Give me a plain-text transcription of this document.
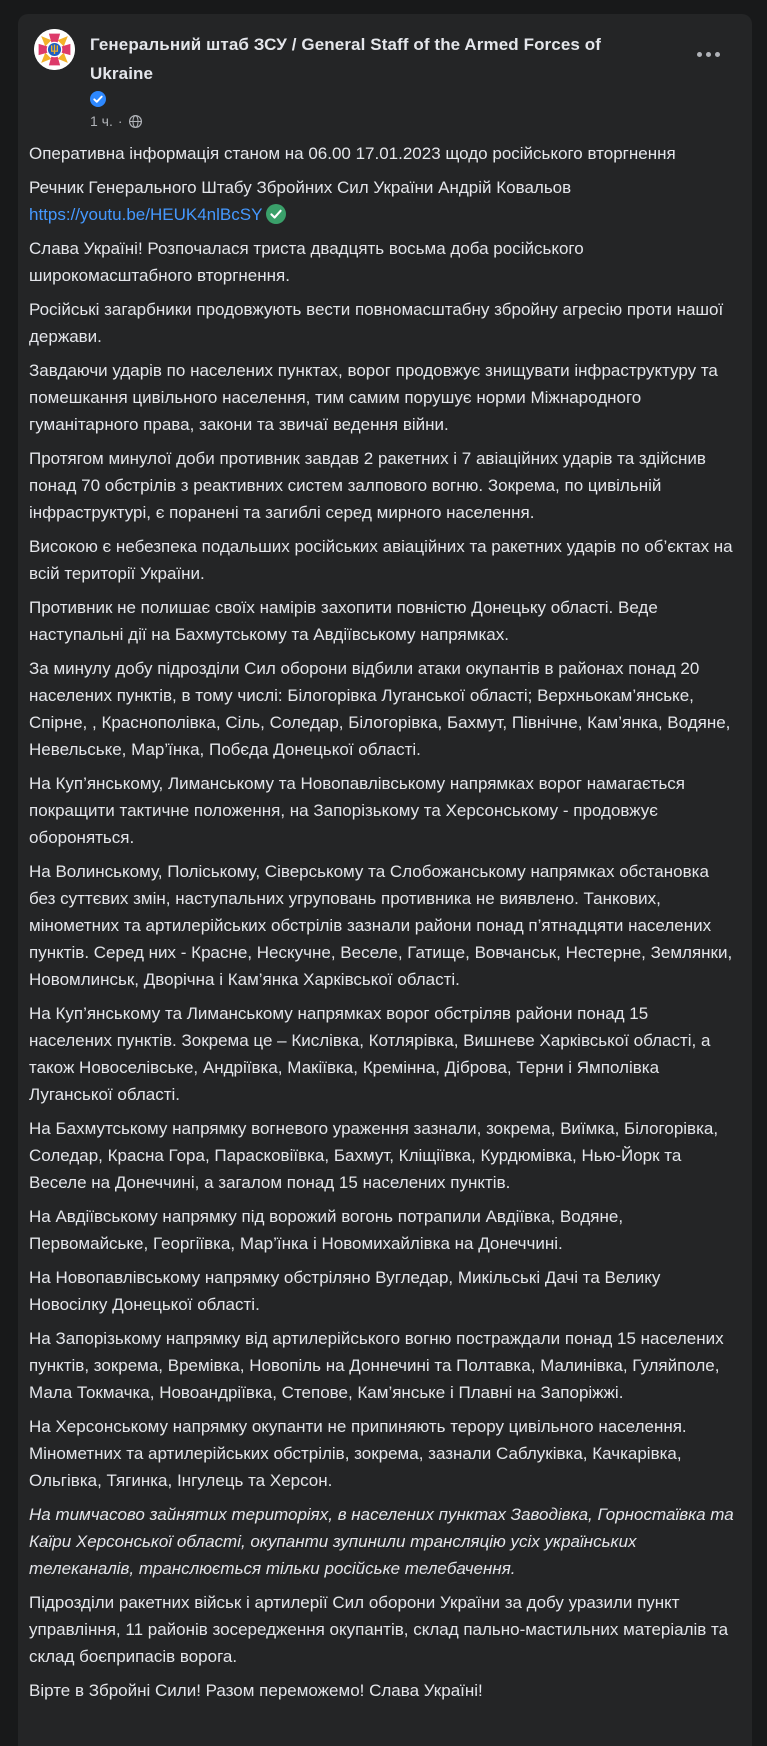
Генеральний штаб ЗСУ / General Staff of the Armed Forces of Ukraine
1 ч. ·
Оперативна інформація станом на 06.00 17.01.2023 щодо російського вторгнення
Речник Генерального Штабу Збройних Сил України Андрій Ковальов https://youtu.be/HEUK4nlBcSY
Слава Україні! Розпочалася триста двадцять восьма доба російського широкомасштабного вторгнення.
Російські загарбники продовжують вести повномасштабну збройну агресію проти нашої держави.
Завдаючи ударів по населених пунктах, ворог продовжує знищувати інфраструктуру та помешкання цивільного населення, тим самим порушує норми Міжнародного гуманітарного права, закони та звичаї ведення війни.
Протягом минулої доби противник завдав 2 ракетних і 7 авіаційних ударів та здійснив понад 70 обстрілів з реактивних систем залпового вогню. Зокрема, по цивільній інфраструктурі, є поранені та загиблі серед мирного населення.
Високою є небезпека подальших російських авіаційних та ракетних ударів по об’єктах на всій території України.
Противник не полишає своїх намірів захопити повністю Донецьку області. Веде наступальні дії на Бахмутському та Авдіївському напрямках.
За минулу добу підрозділи Сил оборони відбили атаки окупантів в районах понад 20 населених пунктів, в тому числі: Білогорівка Луганської області; Верхньокам’янське, Спірне, , Краснополівка, Сіль, Соледар, Білогорівка, Бахмут, Північне, Кам’янка, Водяне, Невельське, Мар’їнка, Побєда Донецької області.
На Куп’янському, Лиманському та Новопавлівському напрямках ворог намагається покращити тактичне положення, на Запорізькому та Херсонському - продовжує обороняться.
На Волинському, Поліському, Сіверському та Слобожанському напрямках обстановка без суттєвих змін, наступальних угруповань противника не виявлено. Танкових, мінометних та артилерійських обстрілів зазнали райони понад п’ятнадцяти населених пунктів. Серед них - Красне, Нескучне, Веселе, Гатище, Вовчанськ, Нестерне, Землянки, Новомлинськ, Дворічна і Кам’янка Харківської області.
На Куп’янському та Лиманському напрямках ворог обстріляв райони понад 15 населених пунктів. Зокрема це – Кислівка, Котлярівка, Вишневе Харківської області, а також Новоселівське, Андріївка, Макіївка, Кремінна, Діброва, Терни і Ямполівка Луганської області.
На Бахмутському напрямку вогневого ураження зазнали, зокрема, Виїмка, Білогорівка, Соледар, Красна Гора, Парасковіївка, Бахмут, Кліщіївка, Курдюмівка, Нью-Йорк та Веселе на Донеччині, а загалом понад 15 населених пунктів.
На Авдіївському напрямку під ворожий вогонь потрапили Авдіївка, Водяне, Первомайське, Георгіївка, Мар’їнка і Новомихайлівка на Донеччині.
На Новопавлівському напрямку обстріляно Вугледар, Микільські Дачі та Велику Новосілку Донецької області.
На Запорізькому напрямку від артилерійського вогню постраждали понад 15 населених пунктів, зокрема, Времівка, Новопіль на Доннечині та Полтавка, Малинівка, Гуляйполе, Мала Токмачка, Новоандріївка, Степове, Кам’янське і Плавні на Запоріжжі.
На Херсонському напрямку окупанти не припиняють терору цивільного населення. Мінометних та артилерійських обстрілів, зокрема, зазнали Саблуківка, Качкарівка, Ольгівка, Тягинка, Інгулець та Херсон.
На тимчасово зайнятих територіях, в населених пунктах Заводівка, Горностаївка та Каїри Херсонської області, окупанти зупинили трансляцію усіх українських телеканалів, транслюється тільки російське телебачення.
Підрозділи ракетних військ і артилерії Сил оборони України за добу уразили пункт управління, 11 районів зосередження окупантів, склад пально-мастильних матеріалів та склад боєприпасів ворога.
Вірте в Збройні Сили! Разом переможемо! Слава Україні!
